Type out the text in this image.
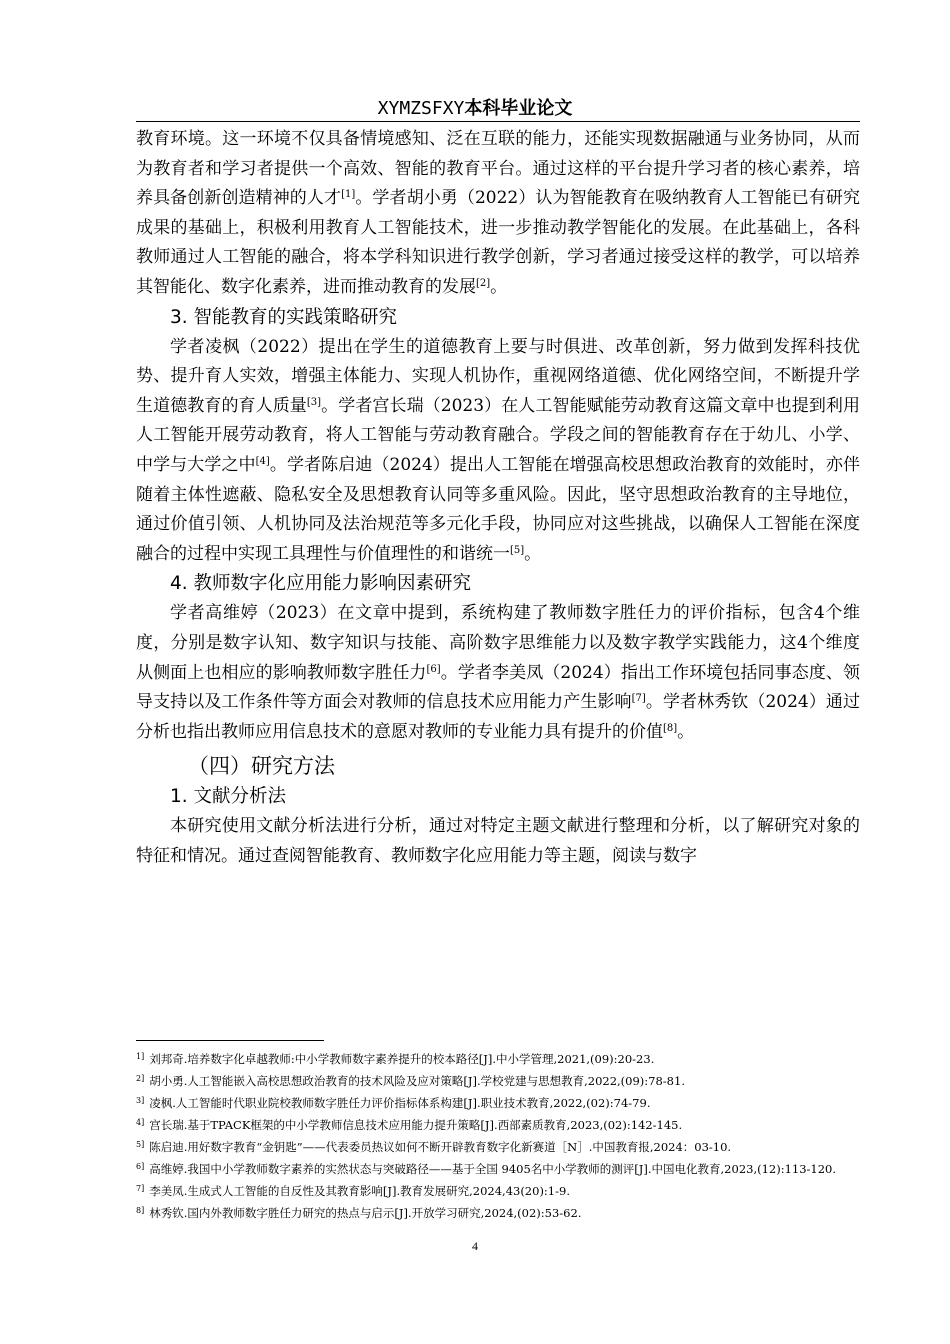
XYMZSFXY本科毕业论文

教育环境。这一环境不仅具备情境感知、泛在互联的能力，还能实现数据融通与业务协同，从而为教育者和学习者提供一个高效、智能的教育平台。通过这样的平台提升学习者的核心素养，培养具备创新创造精神的人才[1]。学者胡小勇（2022）认为智能教育在吸纳教育人工智能已有研究成果的基础上，积极利用教育人工智能技术，进一步推动教学智能化的发展。在此基础上，各科教师通过人工智能的融合，将本学科知识进行教学创新，学习者通过接受这样的教学，可以培养其智能化、数字化素养，进而推动教育的发展[2]。

3. 智能教育的实践策略研究

学者凌枫（2022）提出在学生的道德教育上要与时俱进、改革创新，努力做到发挥科技优势、提升育人实效，增强主体能力、实现人机协作，重视网络道德、优化网络空间，不断提升学生道德教育的育人质量[3]。学者宫长瑞（2023）在人工智能赋能劳动教育这篇文章中也提到利用人工智能开展劳动教育，将人工智能与劳动教育融合。学段之间的智能教育存在于幼儿、小学、中学与大学之中[4]。学者陈启迪（2024）提出人工智能在增强高校思想政治教育的效能时，亦伴随着主体性遮蔽、隐私安全及思想教育认同等多重风险。因此，坚守思想政治教育的主导地位，通过价值引领、人机协同及法治规范等多元化手段，协同应对这些挑战，以确保人工智能在深度融合的过程中实现工具理性与价值理性的和谐统一[5]。

4. 教师数字化应用能力影响因素研究

学者高维婷（2023）在文章中提到，系统构建了教师数字胜任力的评价指标，包含4个维度，分别是数字认知、数字知识与技能、高阶数字思维能力以及数字教学实践能力，这4个维度从侧面上也相应的影响教师数字胜任力[6]。学者李美凤（2024）指出工作环境包括同事态度、领导支持以及工作条件等方面会对教师的信息技术应用能力产生影响[7]。学者林秀钦（2024）通过分析也指出教师应用信息技术的意愿对教师的专业能力具有提升的价值[8]。

（四）研究方法

1. 文献分析法

本研究使用文献分析法进行分析，通过对特定主题文献进行整理和分析，以了解研究对象的特征和情况。通过查阅智能教育、教师数字化应用能力等主题，阅读与数字

$^{1]}$ 刘邦奇.培养数字化卓越教师:中小学教师数字素养提升的校本路径[J].中小学管理,2021,(09):20-23.

$^{2]}$ 胡小勇.人工智能嵌入高校思想政治教育的技术风险及应对策略[J].学校党建与思想教育,2022,(09):78-81.

$^{3]}$ 凌枫.人工智能时代职业院校教师数字胜任力评价指标体系构建[J].职业技术教育,2022,(02):74-79.

$^{4]}$ 宫长瑞.基于TPACK框架的中小学教师信息技术应用能力提升策略[J].西部素质教育,2023,(02):142-145.

$^{5]}$ 陈启迪.用好数字教育“金钥匙”——代表委员热议如何不断开辟教育数字化新赛道［N］.中国教育报,2024：03-10.

$^{6]}$ 高维婷.我国中小学教师数字素养的实然状态与突破路径——基于全国 9405名中小学教师的测评[J].中国电化教育,2023,(12):113-120.

$^{7]}$ 李美凤.生成式人工智能的自反性及其教育影响[J].教育发展研究,2024,43(20):1-9.

$^{8]}$ 林秀钦.国内外教师数字胜任力研究的热点与启示[J].开放学习研究,2024,(02):53-62.

4
